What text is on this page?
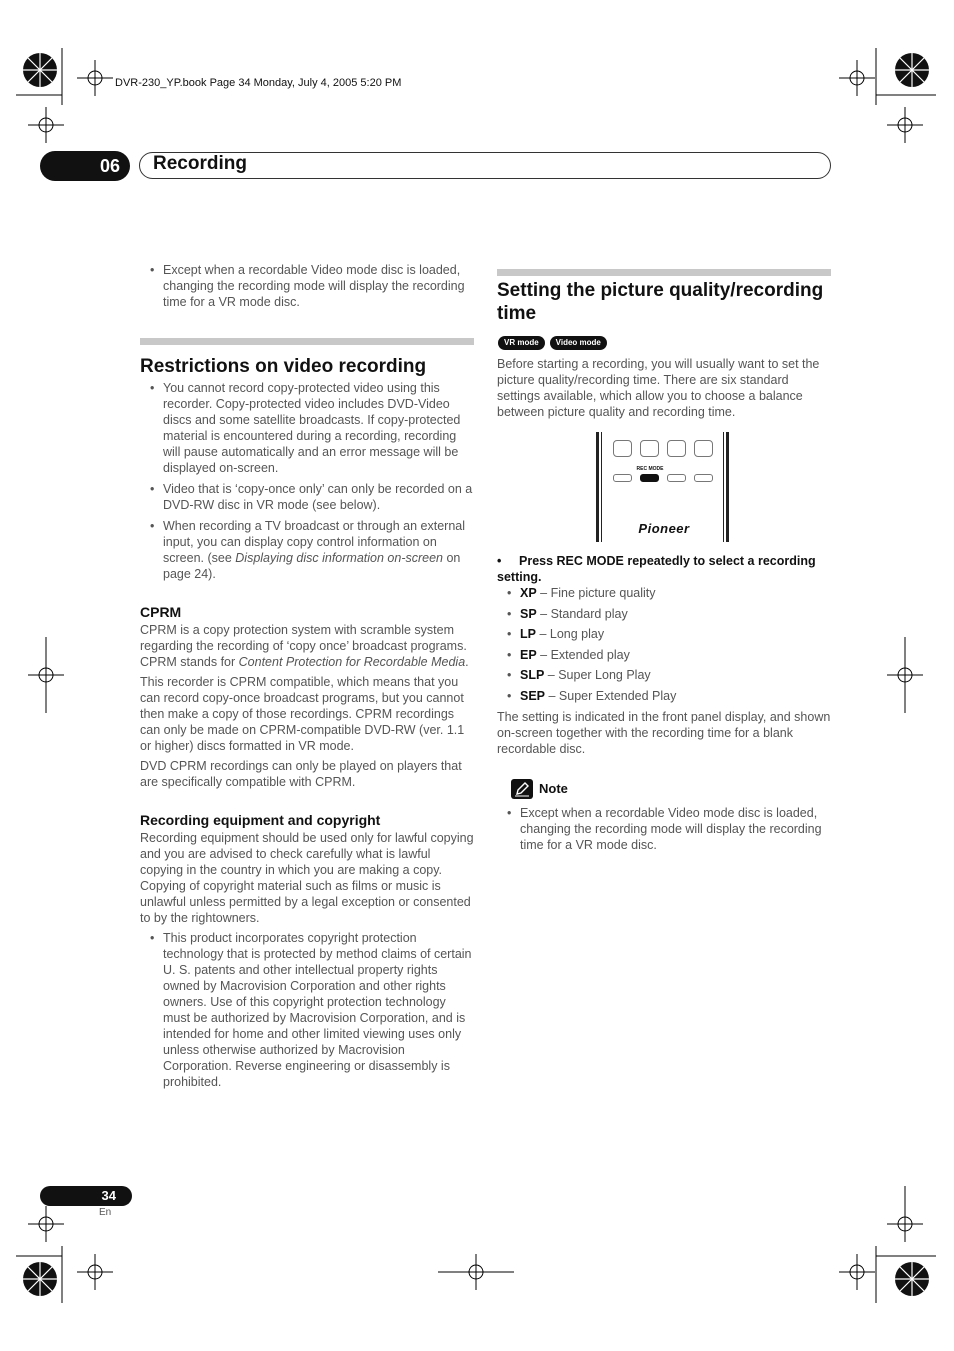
DVR-230_YP.book Page 34 Monday, July 4, 2005 5:20 PM
06	Recording
• Except when a recordable Video mode disc is loaded, changing the recording mode will display the recording time for a VR mode disc.
Restrictions on video recording
• You cannot record copy-protected video using this recorder. Copy-protected video includes DVD-Video discs and some satellite broadcasts. If copy-protected material is encountered during a recording, recording will pause automatically and an error message will be displayed on-screen.
• Video that is ‘copy-once only’ can only be recorded on a DVD-RW disc in VR mode (see below).
• When recording a TV broadcast or through an external input, you can display copy control information on screen. (see Displaying disc information on-screen on page 24).
CPRM

CPRM is a copy protection system with scramble system regarding the recording of ‘copy once’ broadcast programs. CPRM stands for Content Protection for Recordable Media.

This recorder is CPRM compatible, which means that you can record copy-once broadcast programs, but you cannot then make a copy of those recordings. CPRM recordings can only be made on CPRM-compatible DVD-RW (ver. 1.1 or higher) discs formatted in VR mode.

DVD CPRM recordings can only be played on players that are specifically compatible with CPRM.

Recording equipment and copyright

Recording equipment should be used only for lawful copying and you are advised to check carefully what is lawful copying in the country in which you are making a copy. Copying of copyright material such as films or music is unlawful unless permitted by a legal exception or consented to by the rightowners.

• This product incorporates copyright protection technology that is protected by method claims of certain U. S. patents and other intellectual property rights owned by Macrovision Corporation and other rights owners. Use of this copyright protection technology must be authorized by Macrovision Corporation, and is intended for home and other limited viewing uses only unless otherwise authorized by Macrovision Corporation. Reverse engineering or disassembly is prohibited.
Setting the picture quality/recording time
VR mode Video mode

Before starting a recording, you will usually want to set the picture quality/recording time. There are six standard settings available, which allow you to choose a balance between picture quality and recording time.

REC MODE
Pioneer
• Press REC MODE repeatedly to select a recording setting.
• XP – Fine picture quality
• SP – Standard play
• LP – Long play
• EP – Extended play
• SLP – Super Long Play
• SEP – Super Extended Play

The setting is indicated in the front panel display, and shown on-screen together with the recording time for a blank recordable disc.

Note
• Except when a recordable Video mode disc is loaded, changing the recording mode will display the recording time for a VR mode disc.
34
En
